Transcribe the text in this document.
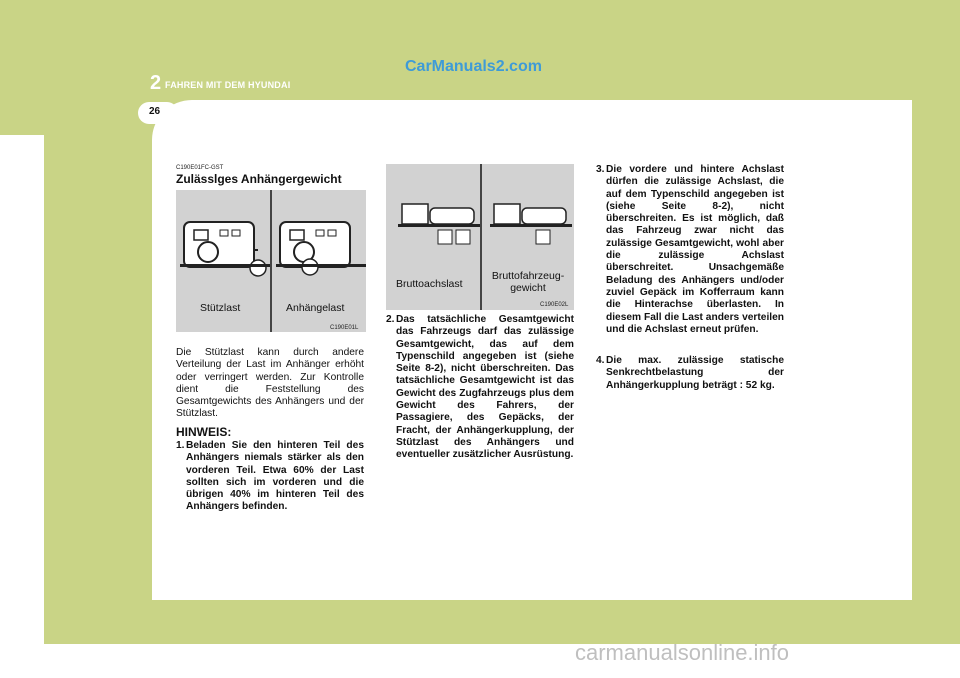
2 FAHREN MIT DEM HYUNDAI
26
CarManuals2.com
C190E01FC-GST
Zulässlges Anhängergewicht
Stützlast	Anhängelast
C190E01L
Die Stützlast kann durch andere Verteilung der Last im Anhänger erhöht oder verringert werden. Zur Kontrolle dient die Feststellung des Gesamtgewichts des Anhängers und der Stützlast.
HINWEIS:
1. Beladen Sie den hinteren Teil des Anhängers niemals stärker als den vorderen Teil. Etwa 60% der Last sollten sich im vorderen und die übrigen 40% im hinteren Teil des Anhängers befinden.
Bruttoachslast
Bruttofahrzeug-
gewicht
C190E02L
2. Das tatsächliche Gesamtgewicht das Fahrzeugs darf das zulässige Gesamtgewicht, das auf dem Typenschild angegeben ist (siehe Seite 8-2), nicht überschreiten. Das tatsächliche Gesamtgewicht ist das Gewicht des Zugfahrzeugs plus dem Gewicht des Fahrers, der Passagiere, des Gepäcks, der Fracht, der Anhängerkupplung, der Stützlast des Anhängers und eventueller zusätzlicher Ausrüstung.
3. Die vordere und hintere Achslast dürfen die zulässige Achslast, die auf dem Typenschild angegeben ist (siehe Seite 8-2), nicht überschreiten. Es ist möglich, daß das Fahrzeug zwar nicht das zulässige Gesamtgewicht, wohl aber die zulässige Achslast überschreitet. Unsachgemäße Beladung des Anhängers und/oder zuviel Gepäck im Kofferraum kann die Hinterachse überlasten. In diesem Fall die Last anders verteilen und die Achslast erneut prüfen.
4. Die max. zulässige statische Senkrechtbelastung der Anhängerkupplung beträgt : 52 kg.
carmanualsonline.info
